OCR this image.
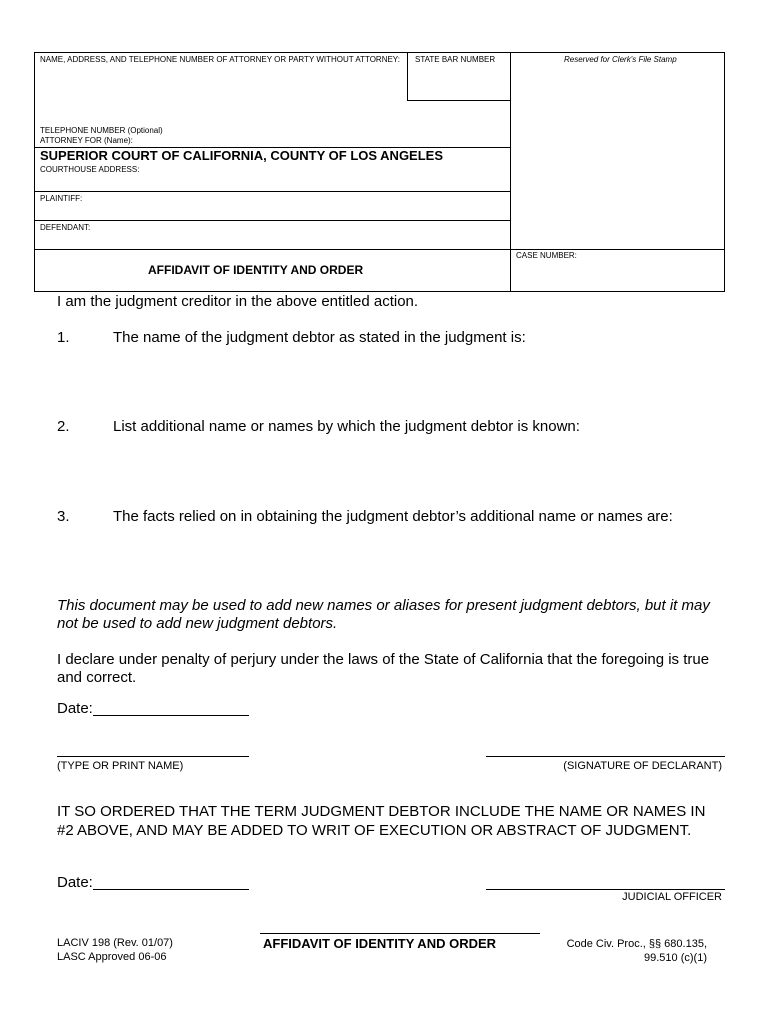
NAME, ADDRESS, AND TELEPHONE NUMBER OF ATTORNEY OR PARTY WITHOUT ATTORNEY: STATE BAR NUMBER	Reserved for Clerk's File Stamp
TELEPHONE NUMBER (Optional)
ATTORNEY FOR (Name):
SUPERIOR COURT OF CALIFORNIA, COUNTY OF LOS ANGELES
COURTHOUSE ADDRESS:
PLAINTIFF:
DEFENDANT:
CASE NUMBER:
AFFIDAVIT OF IDENTITY AND ORDER
I am the judgment creditor in the above entitled action.
1.	The name of the judgment debtor as stated in the judgment is:
2.	List additional name or names by which the judgment debtor is known:
3.	The facts relied on in obtaining the judgment debtor’s additional name or names are:
This document may be used to add new names or aliases for present judgment debtors, but it may not be used to add new judgment debtors.
I declare under penalty of perjury under the laws of the State of California that the foregoing is true and correct.
Date:
(TYPE OR PRINT NAME)	(SIGNATURE OF DECLARANT)
IT SO ORDERED THAT THE TERM JUDGMENT DEBTOR INCLUDE THE NAME OR NAMES IN #2 ABOVE, AND MAY BE ADDED TO WRIT OF EXECUTION OR ABSTRACT OF JUDGMENT.
Date:
JUDICIAL OFFICER
LACIV 198 (Rev. 01/07)
LASC Approved 06-06
AFFIDAVIT OF IDENTITY AND ORDER	Code Civ. Proc., §§ 680.135,
99.510 (c)(1)
